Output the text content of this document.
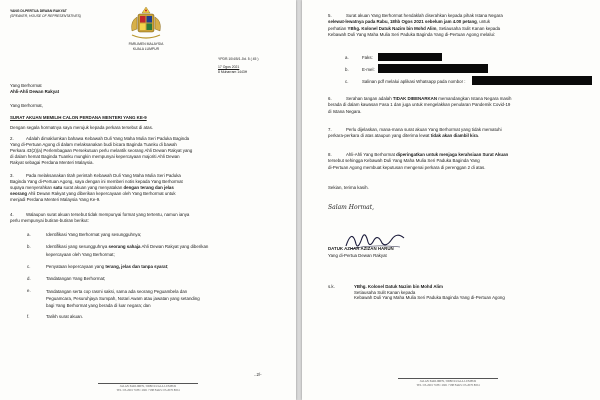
YANG DI-PERTUA DEWAN RAKYAT
(SPEAKER, HOUSE OF REPRESENTATIVES)
PARLIMEN MALAYSIA
KUALA LUMPUR
YPDR.10/4/5/1 Jld. 5 ( 45 )
17 Ogos 2021
8 Muharram 1443H
Yang Berhormat
Ahli-Ahli Dewan Rakyat
Yang Berhormat,
SURAT AKUAN MEMILIH CALON PERDANA MENTERI YANG KE-9
Dengan segala hormatnya saya merujuk kepada perkara tersebut di atas.
2.	Adalah dimaklumkan bahawa Kebawah Duli Yang Maha Mulia Seri Paduka Baginda
Yang di-Pertuan Agong di dalam melaksanakan budi bicara Baginda Tuanku di bawah
Perkara 43(2)(a) Perlembagaan Persekutuan perlu melantik seorang Ahli Dewan Rakyat yang
di dalam hemat Baginda Tuanku mungkin mempunyai kepercayaan majoriti Ahli Dewan
Rakyat sebagai Perdana Menteri Malaysia.
3.	Pada melaksanakan titah perintah Kebawah Duli Yang Maha Mulia Seri Paduka
Baginda Yang di-Pertuan Agong, saya dengan ini memberi notis kepada Yang Berhormat
supaya menyerahkan satu surat akuan yang menyatakan dengan terang dan jelas
seorang Ahli Dewan Rakyat yang diberikan kepercayaan oleh Yang Berhormat untuk
menjadi Perdana Menteri Malaysia Yang Ke-9.
4.	Walaupun surat akuan tersebut tidak mempunyai format yang tertentu, namun ianya
perlu mempunyai butiran-butiran berikut:
a.	Identifikasi Yang Berhormat yang sesungguhnya;
b.	Identifikasi yang sesungguhnya seorang sahaja Ahli Dewan Rakyat yang diberikan
kepercayaan oleh Yang Berhormat;
c.	Penyataan kepercayaan yang terang, jelas dan tanpa syarat;
d.	Tandatangan Yang Berhormat;
e.	Tandatangan serta cop rasmi saksi, sama ada seorang Peguambela dan
Peguamcara, Pesuruhjaya Sumpah, Notari Awam atau jawatan yang setanding
bagi Yang Berhormat yang berada di luar negara; dan
f.	Tarikh surat akuan.
..2/-
JALAN PARLIMEN, 50680 KUALA LUMPUR
TEL: 03-2601 7188 / 2601 7188 FAKS: 03-2070 8654
5.	Surat akuan Yang Berhormat hendaklah diserahkan kepada pihak Istana Negara
selewat-lewatnya pada Rabu, 18hb Ogos 2021 sebelum jam 4.00 petang, untuk
perhatian YBhg. Kolonel Datuk Nazim bin Mohd Alim, Setiausaha Sulit Kanan kepada
Kebawah Duli Yang Maha Mulia Seri Paduka Baginda Yang di-Pertuan Agong melalui:
a.	Faks:
b.	E-mel:
c.	Salinan pdf melalui aplikasi Whatsapp pada nombor :
6.	Serahan tangan adalah TIDAK DIBENARKAN memandangkan Istana Negara masih
berada di dalam kawasan Fasa 1 dan juga untuk mengelakkan penularan Pandemik Covid-19
di Istana Negara.
7.	Perlu dijelaskan, mana-mana surat akuan Yang Berhormat yang tidak mematuhi
perkara-perkara di atas ataupun yang diterima lewat tidak akan diambil kira.
8.	Ahli-Ahli Yang Berhormat diperingatkan untuk menjaga kerahsiaan Surat Akuan
tersebut sehingga Kebawah Duli Yang Maha Mulia Seri Paduka Baginda Yang
di-Pertuan Agong membuat keputusan mengenai perkara di perenggan 2 di atas.
Sekian, terima kasih.
Salam Hormat,
DATUK AZHAR AZIZAN HARUN
Yang di-Pertua Dewan Rakyat
s.k.	YBhg. Kolonel Datuk Nazim bin Mohd Alim
Setiausaha Sulit Kanan kepada
Kebawah Duli Yang Maha Mulia Seri Paduka Baginda Yang di-Pertuan Agong
JALAN PARLIMEN, 50680 KUALA LUMPUR
TEL: 03-2601 7188 / 2601 7188 FAKS: 03-2070 8654
